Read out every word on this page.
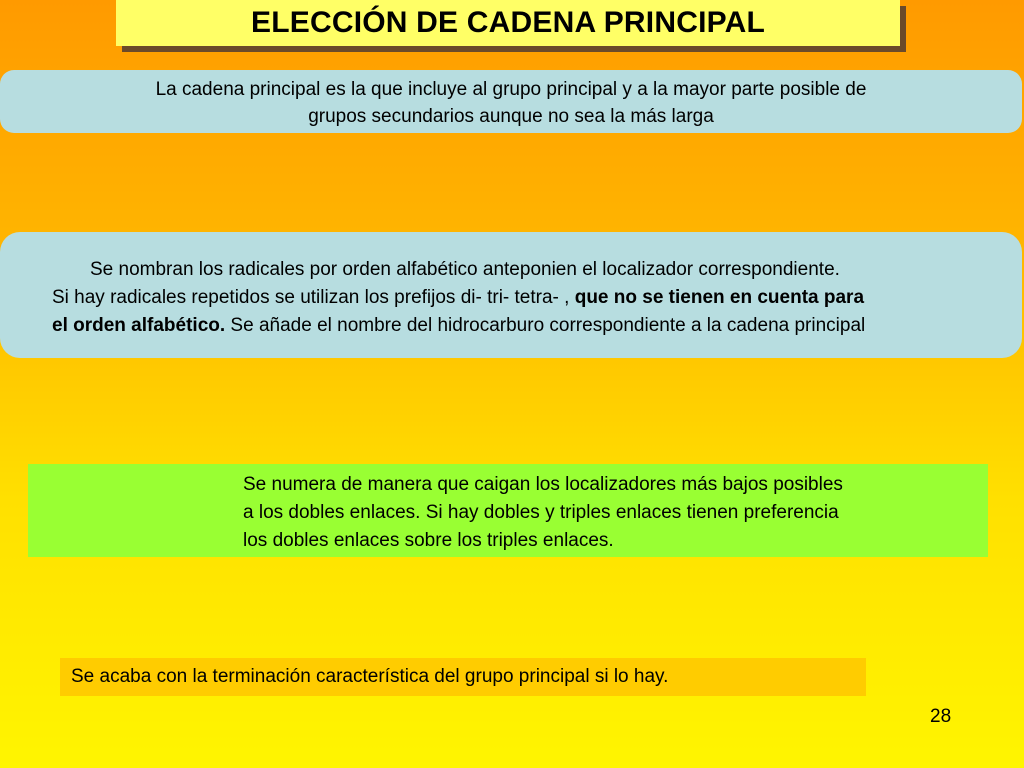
ELECCIÓN DE CADENA PRINCIPAL
La cadena principal es la que incluye al grupo principal y a la mayor parte posible de
grupos secundarios aunque no sea la más larga
Se nombran los radicales por orden alfabético anteponien el localizador correspondiente.
Si hay radicales repetidos se utilizan los prefijos di- tri- tetra- , que no se tienen en cuenta para
el orden alfabético. Se añade el nombre del hidrocarburo correspondiente a la cadena principal
Se numera de manera que caigan los localizadores más bajos posibles
a los dobles enlaces. Si hay dobles y triples enlaces tienen preferencia
los dobles enlaces sobre los triples enlaces.
Se acaba con la terminación característica del grupo principal si lo hay.
28
